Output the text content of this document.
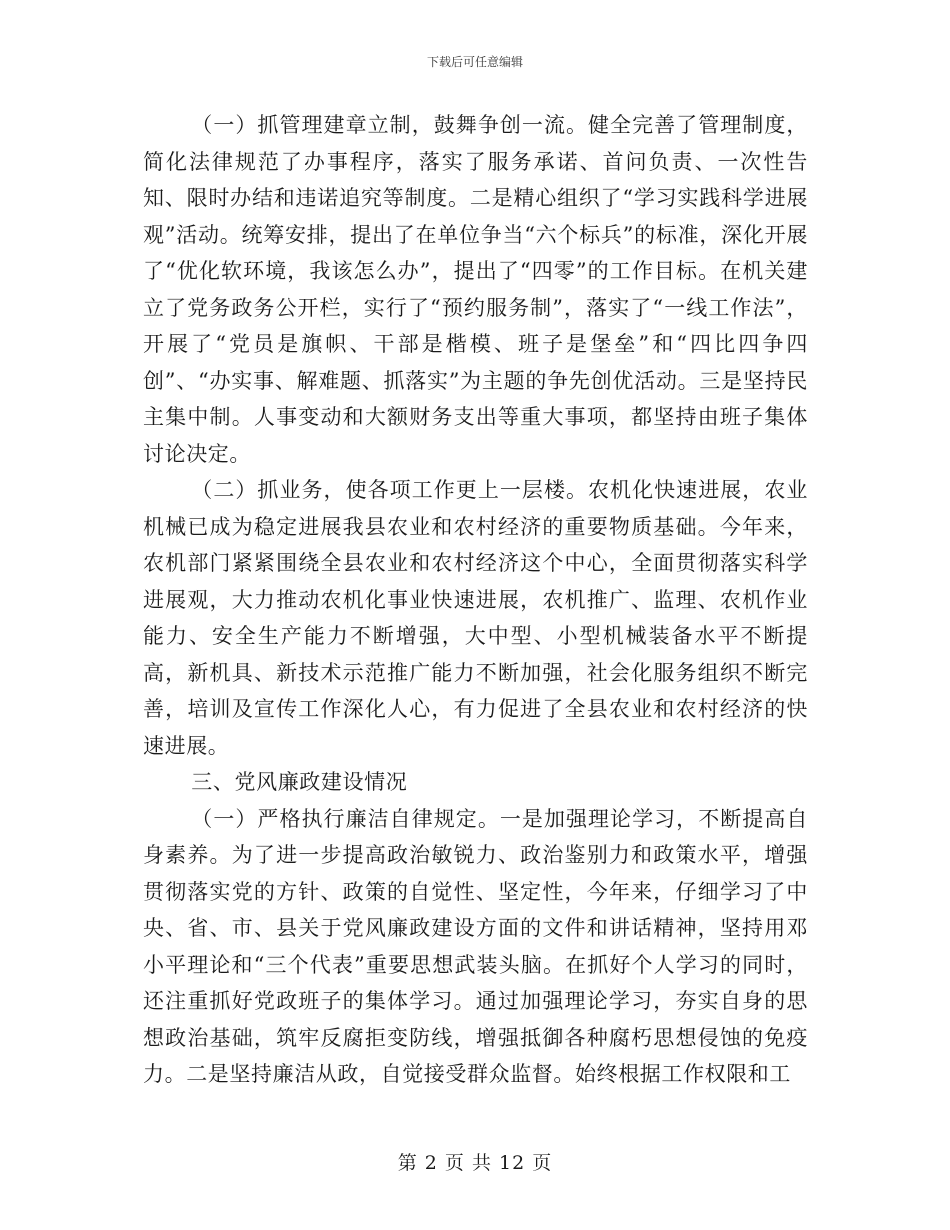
下载后可任意编辑

（一）抓管理建章立制，鼓舞争创一流。健全完善了管理制度，简化法律规范了办事程序，落实了服务承诺、首问负责、一次性告知、限时办结和违诺追究等制度。二是精心组织了“学习实践科学进展观”活动。统筹安排，提出了在单位争当“六个标兵”的标准，深化开展了“优化软环境，我该怎么办”，提出了“四零”的工作目标。在机关建立了党务政务公开栏，实行了“预约服务制”，落实了“一线工作法”，开展了“党员是旗帜、干部是楷模、班子是堡垒”和“四比四争四创”、“办实事、解难题、抓落实”为主题的争先创优活动。三是坚持民主集中制。人事变动和大额财务支出等重大事项，都坚持由班子集体讨论决定。

（二）抓业务，使各项工作更上一层楼。农机化快速进展，农业机械已成为稳定进展我县农业和农村经济的重要物质基础。今年来，农机部门紧紧围绕全县农业和农村经济这个中心，全面贯彻落实科学进展观，大力推动农机化事业快速进展，农机推广、监理、农机作业能力、安全生产能力不断增强，大中型、小型机械装备水平不断提高，新机具、新技术示范推广能力不断加强，社会化服务组织不断完善，培训及宣传工作深化人心，有力促进了全县农业和农村经济的快速进展。

三、党风廉政建设情况

（一）严格执行廉洁自律规定。一是加强理论学习，不断提高自身素养。为了进一步提高政治敏锐力、政治鉴别力和政策水平，增强贯彻落实党的方针、政策的自觉性、坚定性，今年来，仔细学习了中央、省、市、县关于党风廉政建设方面的文件和讲话精神，坚持用邓小平理论和“三个代表”重要思想武装头脑。在抓好个人学习的同时，还注重抓好党政班子的集体学习。通过加强理论学习，夯实自身的思想政治基础，筑牢反腐拒变防线，增强抵御各种腐朽思想侵蚀的免疫力。二是坚持廉洁从政，自觉接受群众监督。始终根据工作权限和工

第 2 页 共 12 页
